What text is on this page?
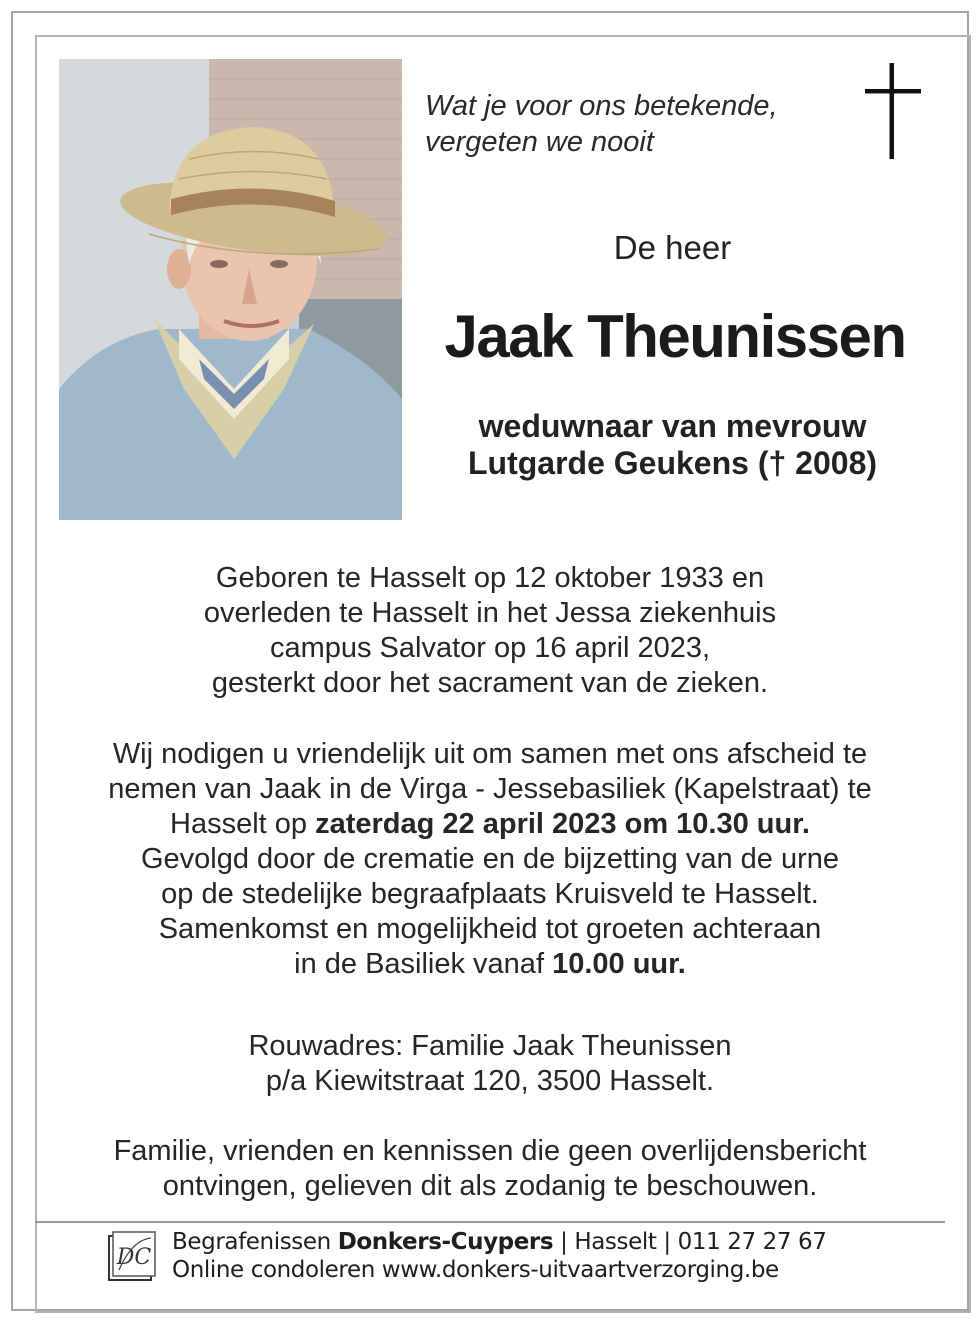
Wat je voor ons betekende,
vergeten we nooit
De heer
Jaak Theunissen
weduwnaar van mevrouw
Lutgarde Geukens († 2008)
Geboren te Hasselt op 12 oktober 1933 en
overleden te Hasselt in het Jessa ziekenhuis
campus Salvator op 16 april 2023,
gesterkt door het sacrament van de zieken.
Wij nodigen u vriendelijk uit om samen met ons afscheid te
nemen van Jaak in de Virga - Jessebasiliek (Kapelstraat) te
Hasselt op zaterdag 22 april 2023 om 10.30 uur.
Gevolgd door de crematie en de bijzetting van de urne
op de stedelijke begraafplaats Kruisveld te Hasselt.
Samenkomst en mogelijkheid tot groeten achteraan
in de Basiliek vanaf 10.00 uur.
Rouwadres: Familie Jaak Theunissen
p/a Kiewitstraat 120, 3500 Hasselt.
Familie, vrienden en kennissen die geen overlijdensbericht
ontvingen, gelieven dit als zodanig te beschouwen.
DC
Begrafenissen Donkers-Cuypers | Hasselt | 011 27 27 67
Online condoleren www.donkers-uitvaartverzorging.be
